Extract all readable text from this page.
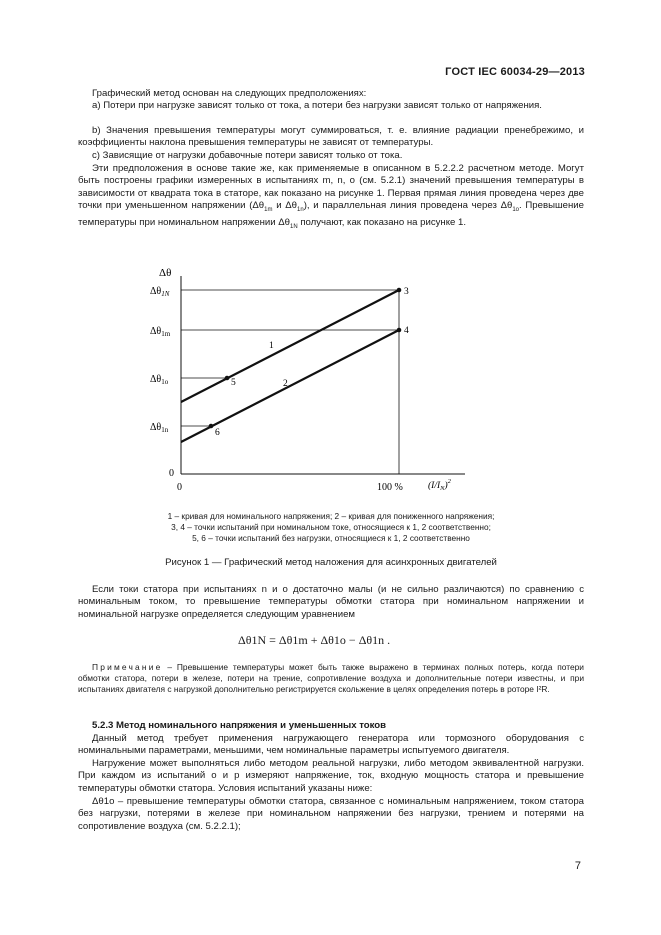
ГОСТ IEC 60034-29—2013
Графический метод основан на следующих предположениях:
a) Потери при нагрузке зависят только от тока, а потери без нагрузки зависят только от напряжения.
b) Значения превышения температуры могут суммироваться, т. е. влияние радиации пренебрежимо, и коэффициенты наклона превышения температуры не зависят от температуры.
c) Зависящие от нагрузки добавочные потери зависят только от тока.
Эти предположения в основе такие же, как применяемые в описанном в 5.2.2.2 расчетном методе. Могут быть построены графики измеренных в испытаниях m, n, o (см. 5.2.1) значений превышения температуры в зависимости от квадрата тока в статоре, как показано на рисунке 1. Первая прямая линия проведена через две точки при уменьшенном напряжении ($\Delta\theta_{1m}$ и $\Delta\theta_{1n}$), и параллельная линия проведена через $\Delta\theta_{1o}$. Превышение температуры при номинальном напряжении $\Delta\theta_{1N}$ получают, как показано на рисунке 1.
Δθ
$\Delta\theta_{1N}$
$\Delta\theta_{1m}$
$\Delta\theta_{1o}$
$\Delta\theta_{1n}$
0
0	100 %	$(I/I_N)^2$
1
2
3
4
5
6
1 – кривая для номинального напряжения; 2 – кривая для пониженного напряжения;
3, 4 – точки испытаний при номинальном токе, относящиеся к 1, 2 соответственно;
5, 6 – точки испытаний без нагрузки, относящиеся к 1, 2 соответственно
Рисунок 1 — Графический метод наложения для асинхронных двигателей
Если токи статора при испытаниях n и o достаточно малы (и не сильно различаются) по сравнению с номинальным током, то превышение температуры обмотки статора при номинальном напряжении и номинальной нагрузке определяется следующим уравнением
Δθ1N = Δθ1m + Δθ1o − Δθ1n .
Примечание – Превышение температуры может быть также выражено в терминах полных потерь, когда потери обмотки статора, потери в железе, потери на трение, сопротивление воздуха и дополнительные потери известны, и при испытаниях двигателя с нагрузкой дополнительно регистрируется скольжение в целях определения потерь в роторе I²R.
5.2.3 Метод номинального напряжения и уменьшенных токов
Данный метод требует применения нагружающего генератора или тормозного оборудования с номинальными параметрами, меньшими, чем номинальные параметры испытуемого двигателя.
Нагружение может выполняться либо методом реальной нагрузки, либо методом эквивалентной нагрузки. При каждом из испытаний o и p измеряют напряжение, ток, входную мощность статора и превышение температуры обмотки статора. Условия испытаний указаны ниже:
Δθ1o – превышение температуры обмотки статора, связанное с номинальным напряжением, током статора без нагрузки, потерями в железе при номинальном напряжении без нагрузки, трением и потерями на сопротивление воздуха (см. 5.2.2.1);
7
